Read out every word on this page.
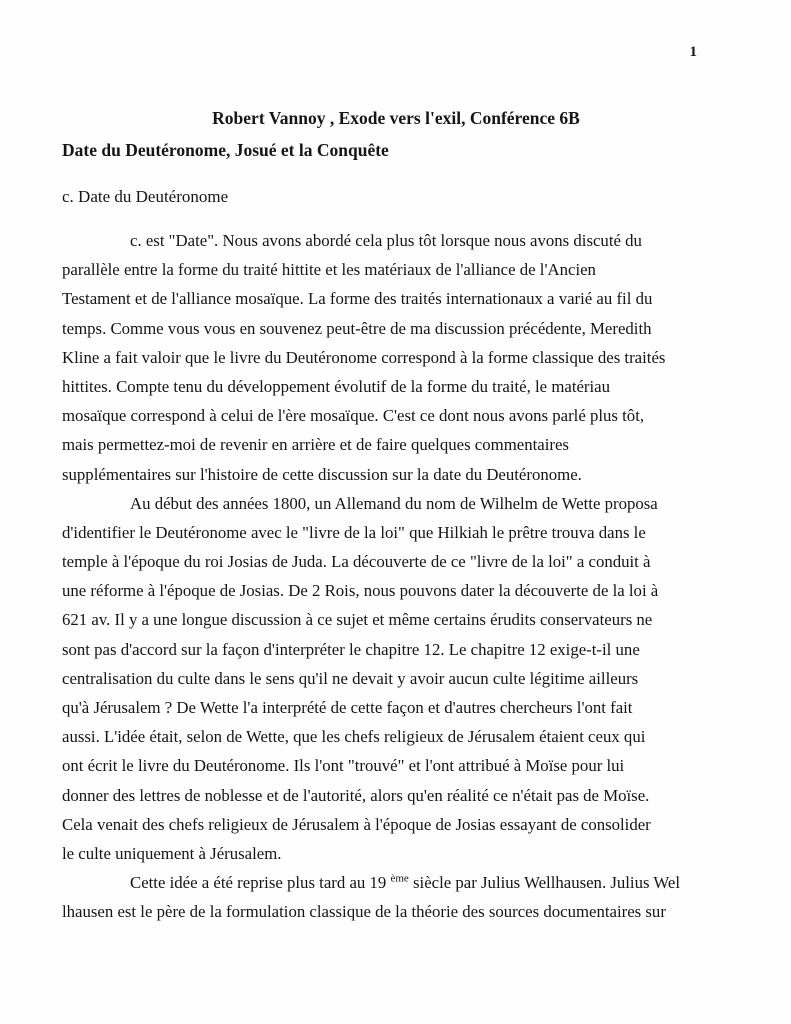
1
Robert Vannoy , Exode vers l'exil, Conférence 6B
Date du Deutéronome, Josué et la Conquête
c. Date du Deutéronome
c. est "Date". Nous avons abordé cela plus tôt lorsque nous avons discuté du
parallèle entre la forme du traité hittite et les matériaux de l'alliance de l'Ancien
Testament et de l'alliance mosaïque. La forme des traités internationaux a varié au fil du
temps. Comme vous vous en souvenez peut-être de ma discussion précédente, Meredith
Kline a fait valoir que le livre du Deutéronome correspond à la forme classique des traités
hittites. Compte tenu du développement évolutif de la forme du traité, le matériau
mosaïque correspond à celui de l'ère mosaïque. C'est ce dont nous avons parlé plus tôt,
mais permettez-moi de revenir en arrière et de faire quelques commentaires
supplémentaires sur l'histoire de cette discussion sur la date du Deutéronome.
Au début des années 1800, un Allemand du nom de Wilhelm de Wette proposa
d'identifier le Deutéronome avec le "livre de la loi" que Hilkiah le prêtre trouva dans le
temple à l'époque du roi Josias de Juda. La découverte de ce "livre de la loi" a conduit à
une réforme à l'époque de Josias. De 2 Rois, nous pouvons dater la découverte de la loi à
621 av. Il y a une longue discussion à ce sujet et même certains érudits conservateurs ne
sont pas d'accord sur la façon d'interpréter le chapitre 12. Le chapitre 12 exige-t-il une
centralisation du culte dans le sens qu'il ne devait y avoir aucun culte légitime ailleurs
qu'à Jérusalem ? De Wette l'a interprété de cette façon et d'autres chercheurs l'ont fait
aussi. L'idée était, selon de Wette, que les chefs religieux de Jérusalem étaient ceux qui
ont écrit le livre du Deutéronome. Ils l'ont "trouvé" et l'ont attribué à Moïse pour lui
donner des lettres de noblesse et de l'autorité, alors qu'en réalité ce n'était pas de Moïse.
Cela venait des chefs religieux de Jérusalem à l'époque de Josias essayant de consolider
le culte uniquement à Jérusalem.
Cette idée a été reprise plus tard au 19 $^{ème}$ siècle par Julius Wellhausen. Julius Wel
lhausen est le père de la formulation classique de la théorie des sources documentaires sur
